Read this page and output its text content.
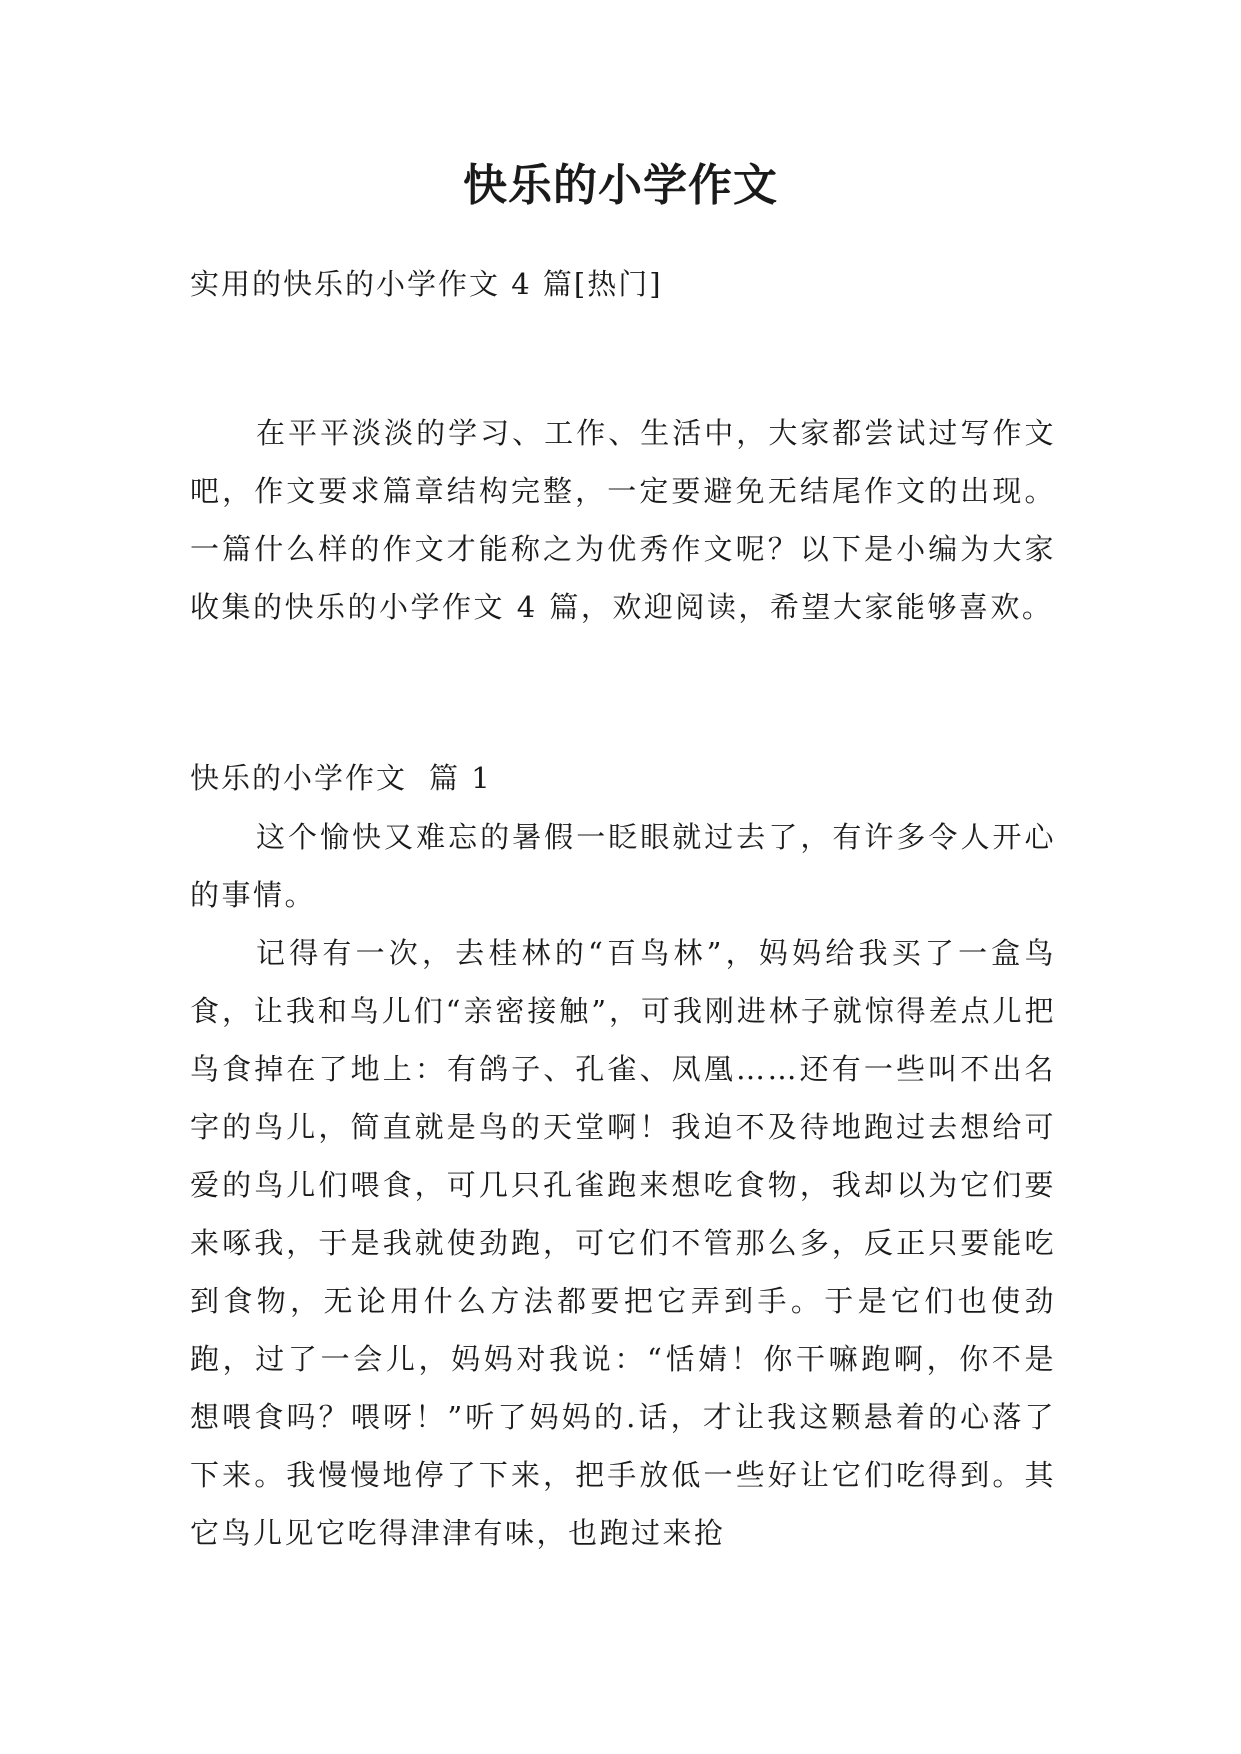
快乐的小学作文
实用的快乐的小学作文 4 篇[热门]

在平平淡淡的学习、工作、生活中，大家都尝试过写作文吧，作文要求篇章结构完整，一定要避免无结尾作文的出现。一篇什么样的作文才能称之为优秀作文呢？以下是小编为大家收集的快乐的小学作文 4 篇，欢迎阅读，希望大家能够喜欢。

快乐的小学作文 篇 1

这个愉快又难忘的暑假一眨眼就过去了，有许多令人开心的事情。

记得有一次，去桂林的“百鸟林”，妈妈给我买了一盒鸟食，让我和鸟儿们“亲密接触”，可我刚进林子就惊得差点儿把鸟食掉在了地上：有鸽子、孔雀、凤凰……还有一些叫不出名字的鸟儿，简直就是鸟的天堂啊！我迫不及待地跑过去想给可爱的鸟儿们喂食，可几只孔雀跑来想吃食物，我却以为它们要来啄我，于是我就使劲跑，可它们不管那么多，反正只要能吃到食物，无论用什么方法都要把它弄到手。于是它们也使劲跑，过了一会儿，妈妈对我说：“恬婧！你干嘛跑啊，你不是想喂食吗？喂呀！”听了妈妈的.话，才让我这颗悬着的心落了下来。我慢慢地停了下来，把手放低一些好让它们吃得到。其它鸟儿见它吃得津津有味，也跑过来抢
